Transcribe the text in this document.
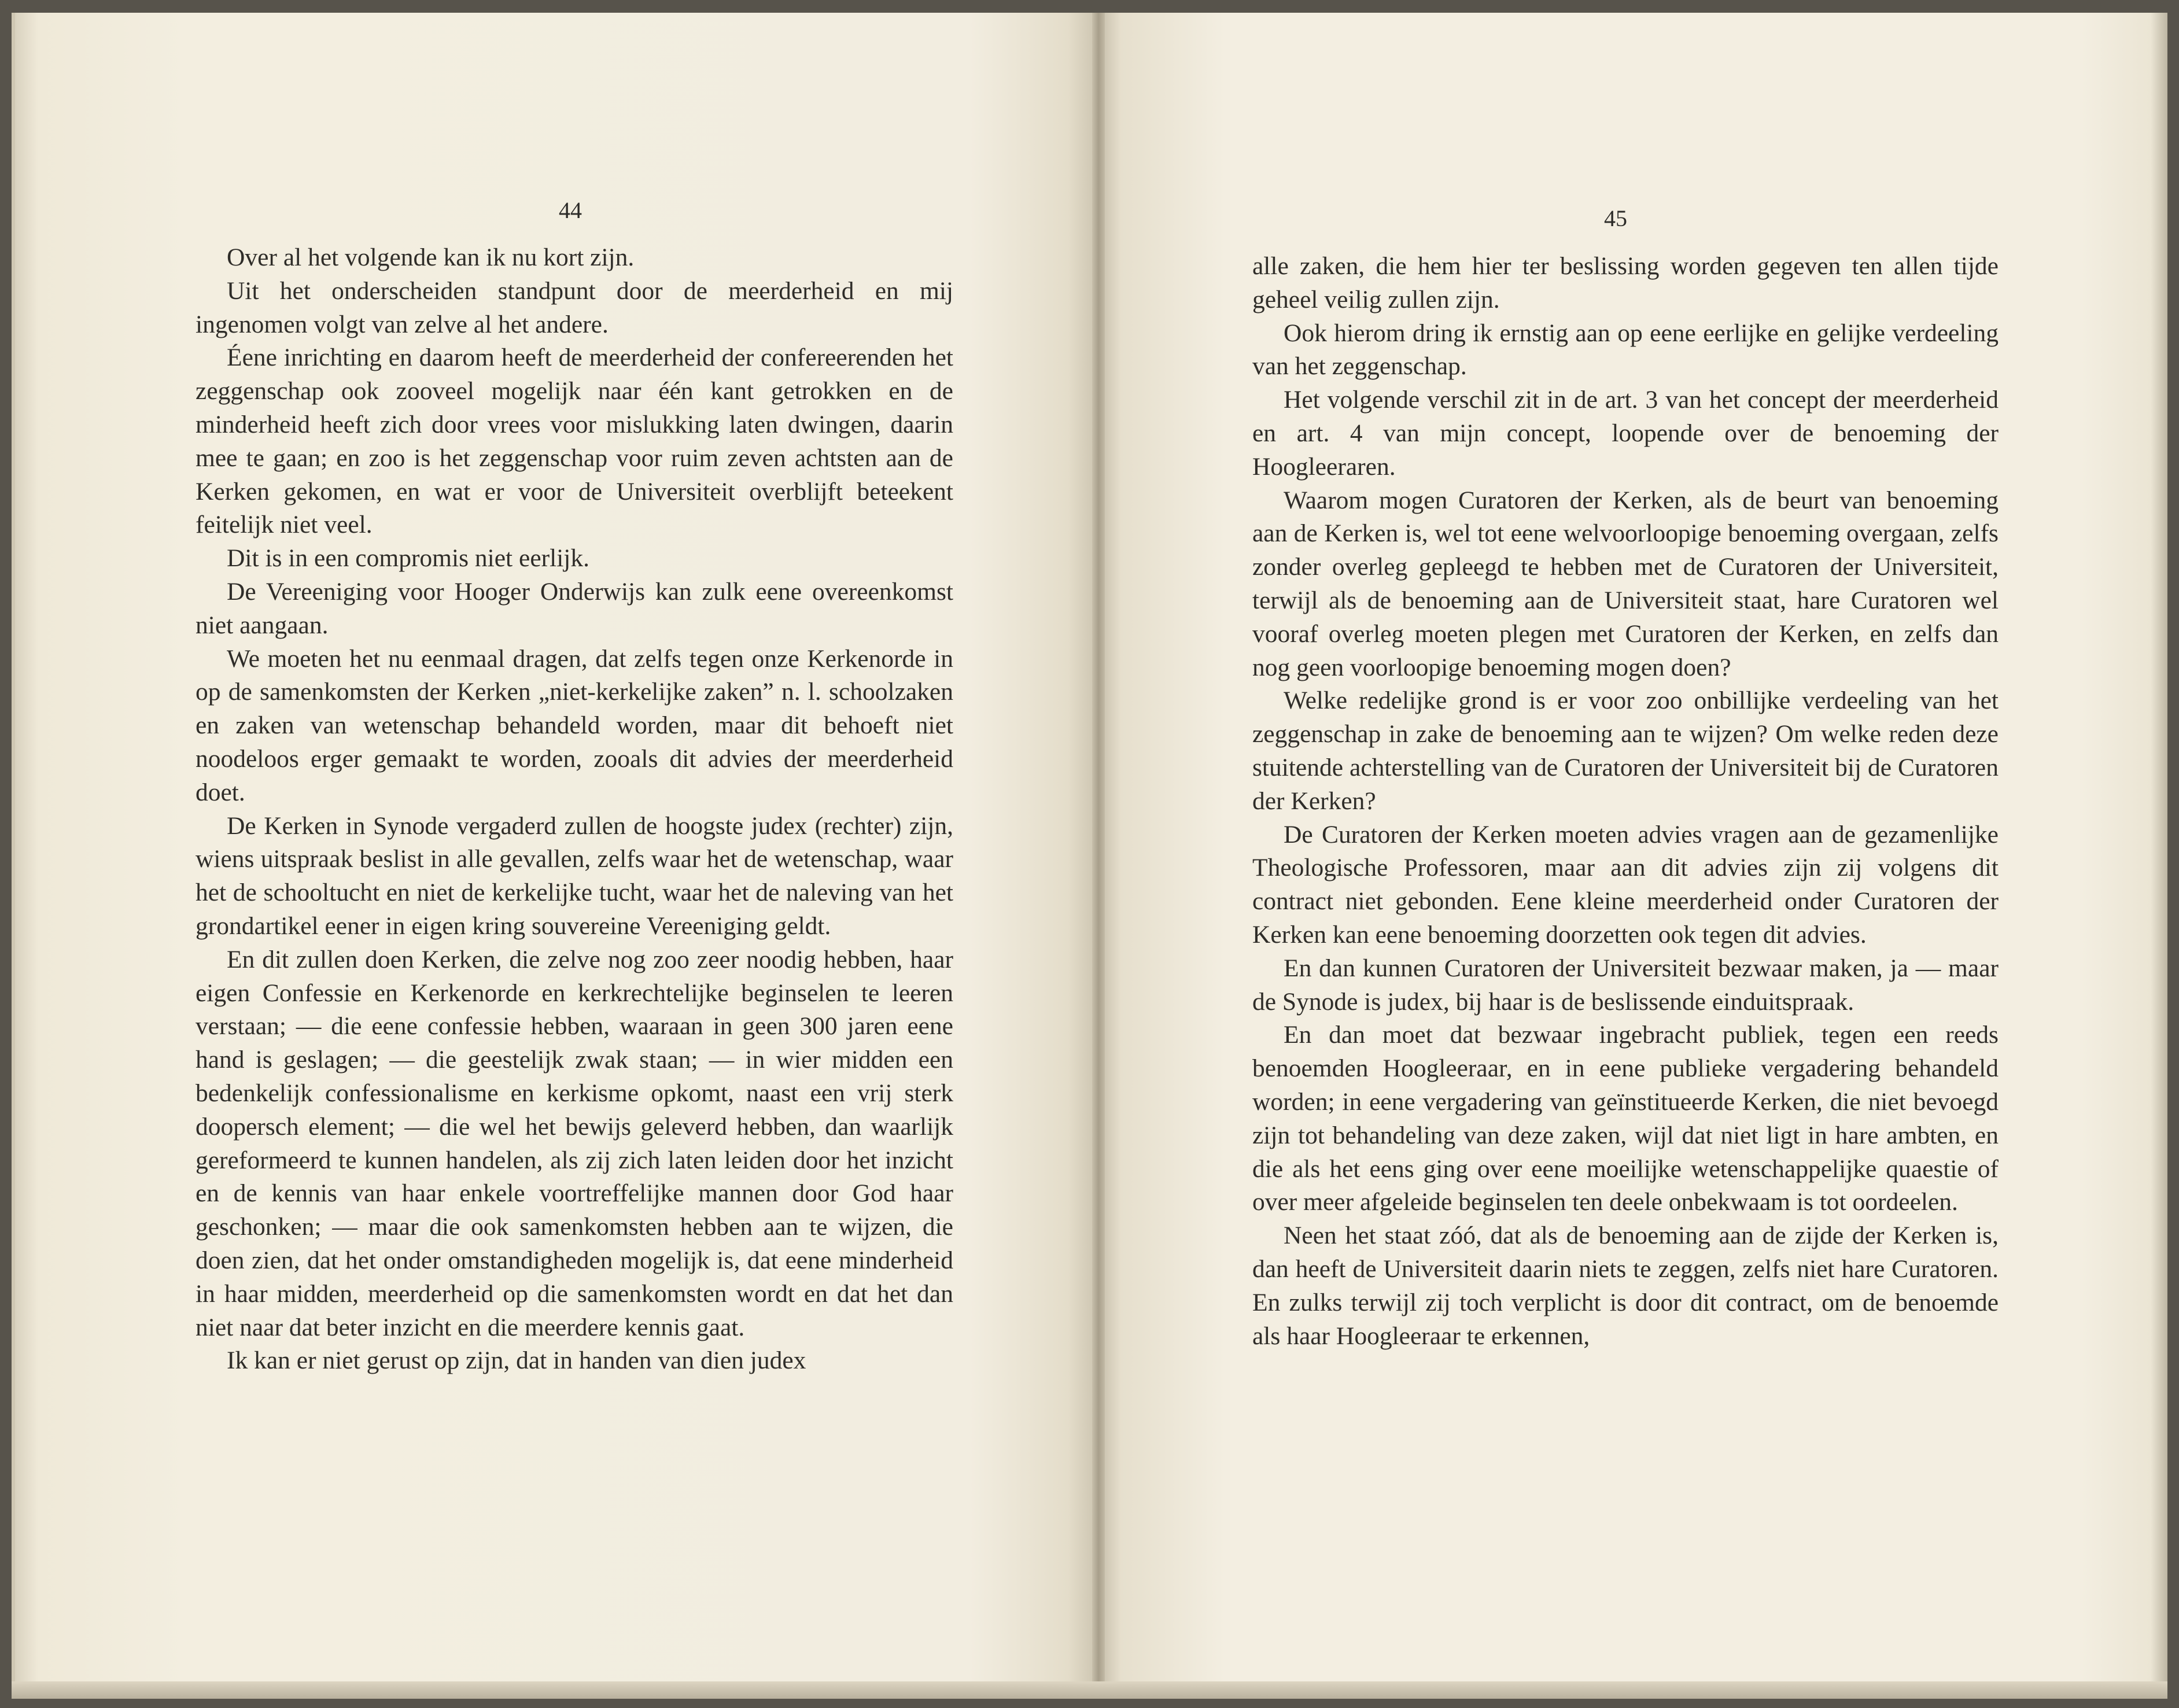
44

Over al het volgende kan ik nu kort zijn.

Uit het onderscheiden standpunt door de meerderheid en mij ingenomen volgt van zelve al het andere.

Éene inrichting en daarom heeft de meerderheid der confereerenden het zeggenschap ook zooveel mogelijk naar één kant getrokken en de minderheid heeft zich door vrees voor mislukking laten dwingen, daarin mee te gaan; en zoo is het zeggenschap voor ruim zeven achtsten aan de Kerken gekomen, en wat er voor de Universiteit overblijft beteekent feitelijk niet veel.

Dit is in een compromis niet eerlijk.

De Vereeniging voor Hooger Onderwijs kan zulk eene overeenkomst niet aangaan.

We moeten het nu eenmaal dragen, dat zelfs tegen onze Kerkenorde in op de samenkomsten der Kerken „niet-kerkelijke zaken” n. l. schoolzaken en zaken van wetenschap behandeld worden, maar dit behoeft niet noodeloos erger gemaakt te worden, zooals dit advies der meerderheid doet.

De Kerken in Synode vergaderd zullen de hoogste judex (rechter) zijn, wiens uitspraak beslist in alle gevallen, zelfs waar het de wetenschap, waar het de schooltucht en niet de kerkelijke tucht, waar het de naleving van het grondartikel eener in eigen kring souvereine Vereeniging geldt.

En dit zullen doen Kerken, die zelve nog zoo zeer noodig hebben, haar eigen Confessie en Kerkenorde en kerkrechtelijke beginselen te leeren verstaan; — die eene confessie hebben, waaraan in geen 300 jaren eene hand is geslagen; — die geestelijk zwak staan; — in wier midden een bedenkelijk confessionalisme en kerkisme opkomt, naast een vrij sterk doopersch element; — die wel het bewijs geleverd hebben, dan waarlijk gereformeerd te kunnen handelen, als zij zich laten leiden door het inzicht en de kennis van haar enkele voortreffelijke mannen door God haar geschonken; — maar die ook samenkomsten hebben aan te wijzen, die doen zien, dat het onder omstandigheden mogelijk is, dat eene minderheid in haar midden, meerderheid op die samenkomsten wordt en dat het dan niet naar dat beter inzicht en die meerdere kennis gaat.

Ik kan er niet gerust op zijn, dat in handen van dien judex

45

alle zaken, die hem hier ter beslissing worden gegeven ten allen tijde geheel veilig zullen zijn.

Ook hierom dring ik ernstig aan op eene eerlijke en gelijke verdeeling van het zeggenschap.

Het volgende verschil zit in de art. 3 van het concept der meerderheid en art. 4 van mijn concept, loopende over de benoeming der Hoogleeraren.

Waarom mogen Curatoren der Kerken, als de beurt van benoeming aan de Kerken is, wel tot eene welvoorloopige benoeming overgaan, zelfs zonder overleg gepleegd te hebben met de Curatoren der Universiteit, terwijl als de benoeming aan de Universiteit staat, hare Curatoren wel vooraf overleg moeten plegen met Curatoren der Kerken, en zelfs dan nog geen voorloopige benoeming mogen doen?

Welke redelijke grond is er voor zoo onbillijke verdeeling van het zeggenschap in zake de benoeming aan te wijzen? Om welke reden deze stuitende achterstelling van de Curatoren der Universiteit bij de Curatoren der Kerken?

De Curatoren der Kerken moeten advies vragen aan de gezamenlijke Theologische Professoren, maar aan dit advies zijn zij volgens dit contract niet gebonden. Eene kleine meerderheid onder Curatoren der Kerken kan eene benoeming doorzetten ook tegen dit advies.

En dan kunnen Curatoren der Universiteit bezwaar maken, ja — maar de Synode is judex, bij haar is de beslissende einduitspraak.

En dan moet dat bezwaar ingebracht publiek, tegen een reeds benoemden Hoogleeraar, en in eene publieke vergadering behandeld worden; in eene vergadering van geïnstitueerde Kerken, die niet bevoegd zijn tot behandeling van deze zaken, wijl dat niet ligt in hare ambten, en die als het eens ging over eene moeilijke wetenschappelijke quaestie of over meer afgeleide beginselen ten deele onbekwaam is tot oordeelen.

Neen het staat zóó, dat als de benoeming aan de zijde der Kerken is, dan heeft de Universiteit daarin niets te zeggen, zelfs niet hare Curatoren. En zulks terwijl zij toch verplicht is door dit contract, om de benoemde als haar Hoogleeraar te erkennen,
